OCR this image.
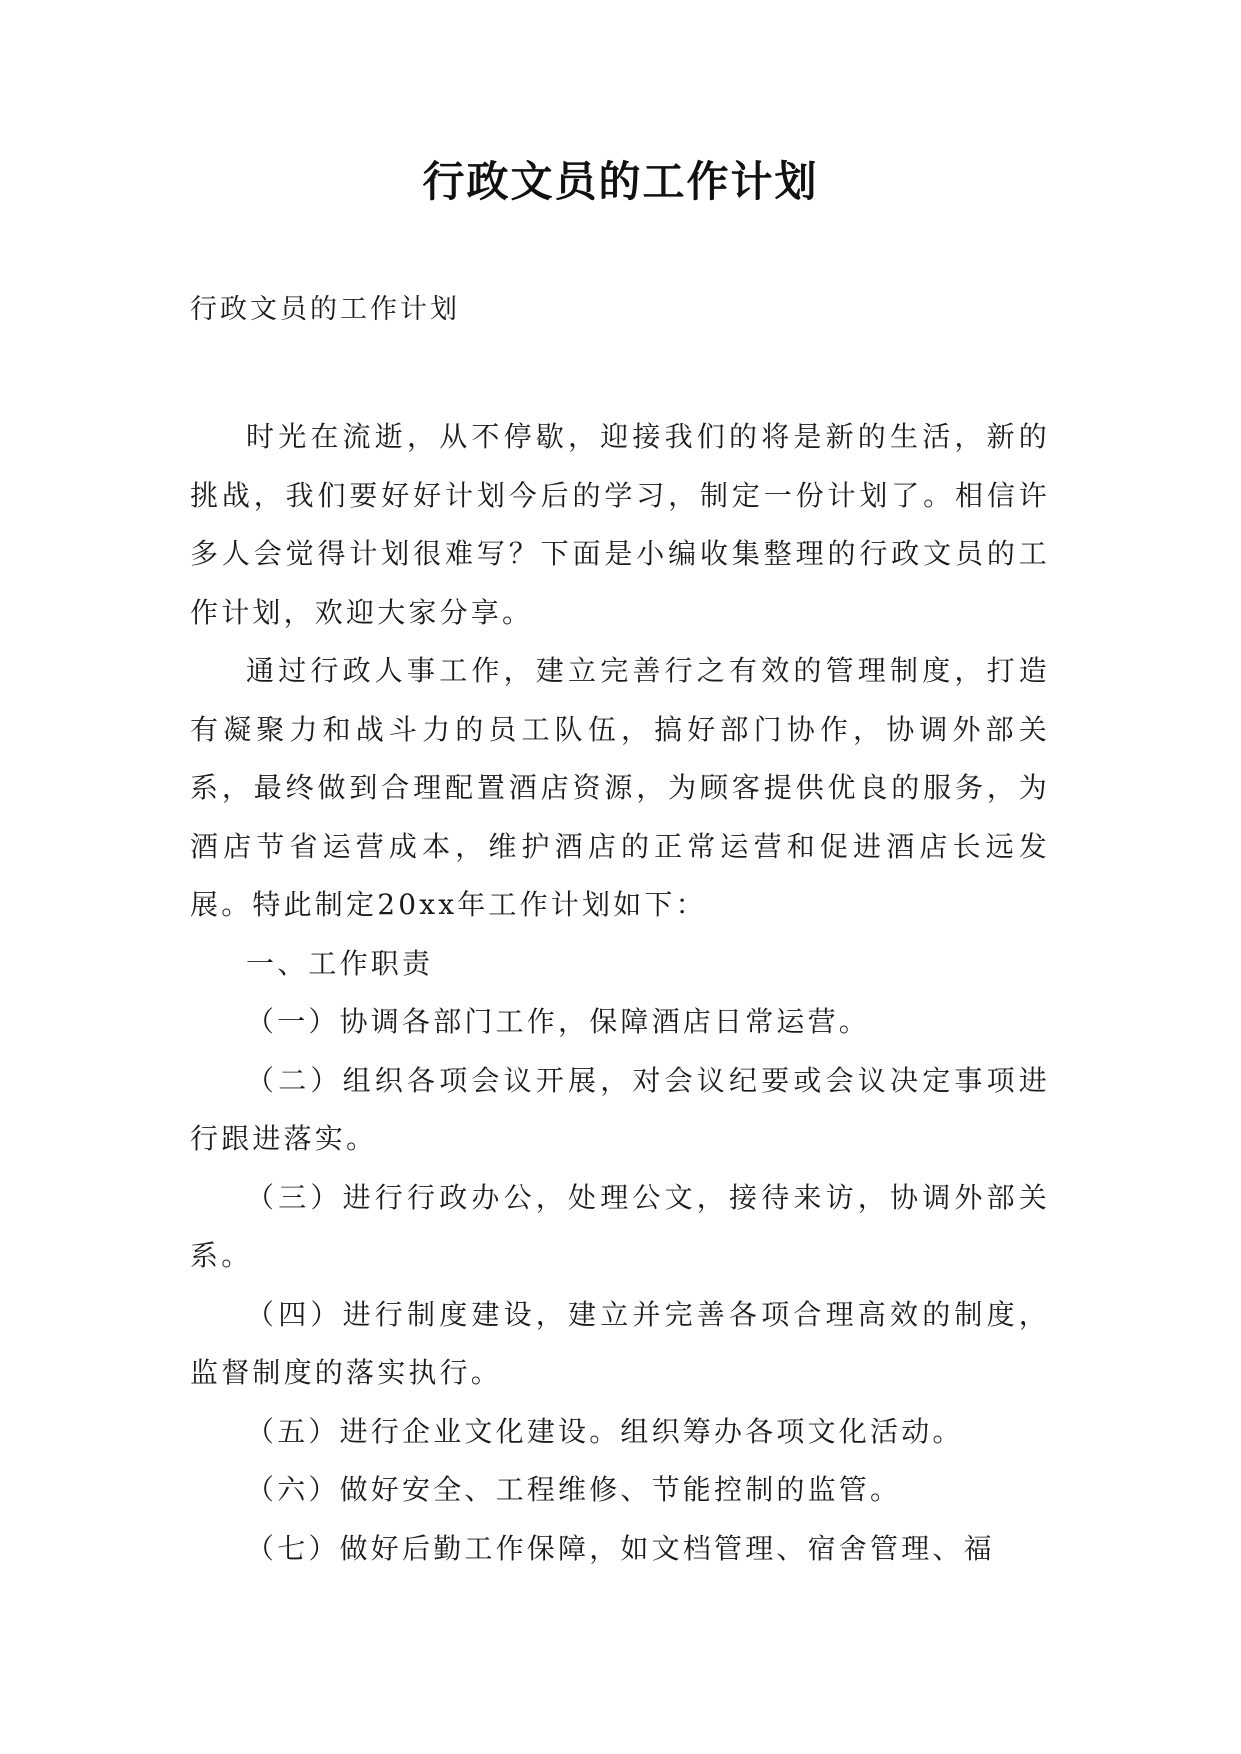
行政文员的工作计划

行政文员的工作计划

时光在流逝，从不停歇，迎接我们的将是新的生活，新的挑战，我们要好好计划今后的学习，制定一份计划了。相信许多人会觉得计划很难写？下面是小编收集整理的行政文员的工作计划，欢迎大家分享。

通过行政人事工作，建立完善行之有效的管理制度，打造有凝聚力和战斗力的员工队伍，搞好部门协作，协调外部关系，最终做到合理配置酒店资源，为顾客提供优良的服务，为酒店节省运营成本，维护酒店的正常运营和促进酒店长远发展。特此制定20xx年工作计划如下：

一、工作职责

（一）协调各部门工作，保障酒店日常运营。

（二）组织各项会议开展，对会议纪要或会议决定事项进行跟进落实。

（三）进行行政办公，处理公文，接待来访，协调外部关系。

（四）进行制度建设，建立并完善各项合理高效的制度，监督制度的落实执行。

（五）进行企业文化建设。组织筹办各项文化活动。

（六）做好安全、工程维修、节能控制的监管。

（七）做好后勤工作保障，如文档管理、宿舍管理、福
